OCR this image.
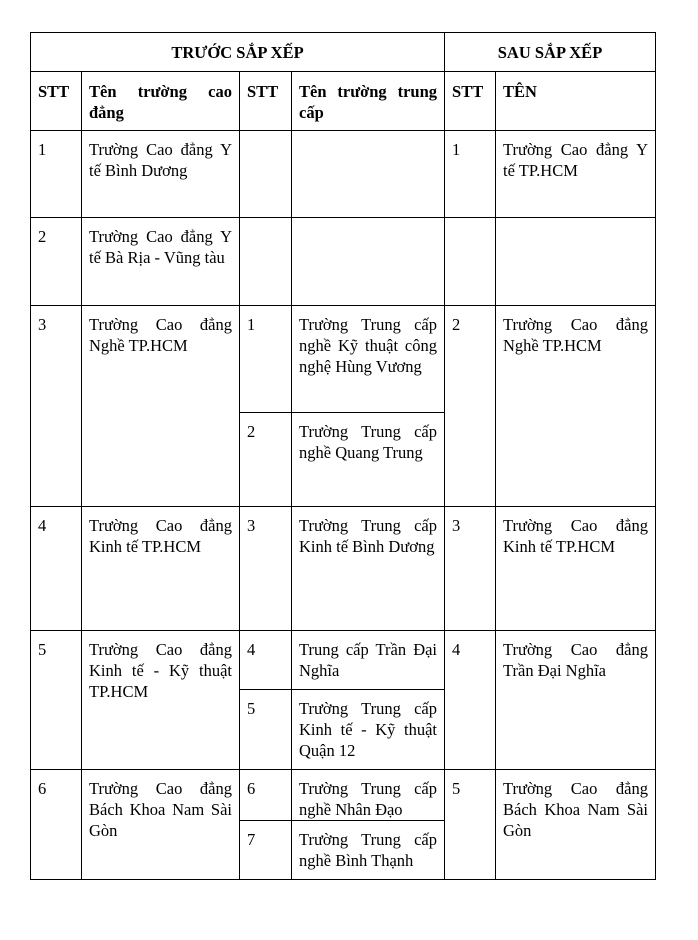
TRƯỚC SẮP XẾP				SAU SẮP XẾP	
STT	Tên trường cao đẳng	STT	Tên trường trung cấp	STT	TÊN
1	Trường Cao đẳng Y tế Bình Dương			1	Trường Cao đẳng Y tế TP.HCM
2	Trường Cao đẳng Y tế Bà Rịa - Vũng tàu				
3	Trường Cao đẳng Nghề TP.HCM	1	Trường Trung cấp nghề Kỹ thuật công nghệ Hùng Vương	2	Trường Cao đẳng Nghề TP.HCM
		2	Trường Trung cấp nghề Quang Trung		
4	Trường Cao đẳng Kinh tế TP.HCM	3	Trường Trung cấp Kinh tế Bình Dương	3	Trường Cao đẳng Kinh tế TP.HCM
5	Trường Cao đẳng Kinh tế - Kỹ thuật TP.HCM	4	Trung cấp Trần Đại Nghĩa	4	Trường Cao đẳng Trần Đại Nghĩa
		5	Trường Trung cấp Kinh tế - Kỹ thuật Quận 12		
6	Trường Cao đẳng Bách Khoa Nam Sài Gòn	6	Trường Trung cấp nghề Nhân Đạo	5	Trường Cao đẳng Bách Khoa Nam Sài Gòn
		7	Trường Trung cấp nghề Bình Thạnh		
